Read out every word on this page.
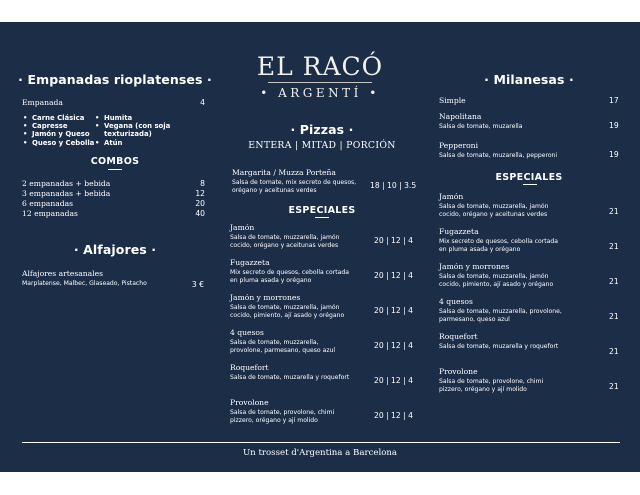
EL RACÓ
• ARGENTÍ •
· Empanadas rioplatenses ·
Empanada	4
• Carne Clásica
• Capresse
• Jamón y Queso
• Queso y Cebolla
• Humita
• Vegana (con soja texturizada)
• Atún
COMBOS
2 empanadas + bebida	8
3 empanadas + bebida	12
6 empanadas	20
12 empanadas	40
· Alfajores ·
Alfajores artesanales
Marplatense, Malbec, Glaseado, Pistacho	3 €
· Pizzas ·
ENTERA | MITAD | PORCIÓN
Margarita / Muzza Porteña
Salsa de tomate, mix secreto de quesos, orégano y aceitunas verdes
18 | 10 | 3.5
ESPECIALES
Jamón
Salsa de tomate, muzzarella, jamón cocido, orégano y aceitunas verdes
20 | 12 | 4
Fugazzeta
Mix secreto de quesos, cebolla cortada en pluma asada y orégano
20 | 12 | 4
Jamón y morrones
Salsa de tomate, muzzarella, jamón cocido, pimiento, ají asado y orégano
20 | 12 | 4
4 quesos
Salsa de tomate, muzzarella, provolone, parmesano, queso azul
20 | 12 | 4
Roquefort
Salsa de tomate, muzarella y roquefort	20 | 12 | 4
Provolone
Salsa de tomate, provolone, chimi pizzero, orégano y ají molido
20 | 12 | 4
· Milanesas ·
Simple	17
Napolitana
Salsa de tomate, muzarella	19
Pepperoni
Salsa de tomate, muzarella, pepperoni	19
ESPECIALES
Jamón
Salsa de tomate, muzzarella, jamón cocido, orégano y aceitunas verdes	21
Fugazzeta
Mix secreto de quesos, cebolla cortada en pluma asada y orégano	21
Jamón y morrones
Salsa de tomate, muzzarella, jamón cocido, pimiento, ají asado y orégano	21
4 quesos
Salsa de tomate, muzzarella, provolone, parmesano, queso azul	21
Roquefort
Salsa de tomate, muzarella y roquefort
21
Provolone
Salsa de tomate, provolone, chimi pizzero, orégano y ají molido	21
Un trosset d'Argentina a Barcelona
